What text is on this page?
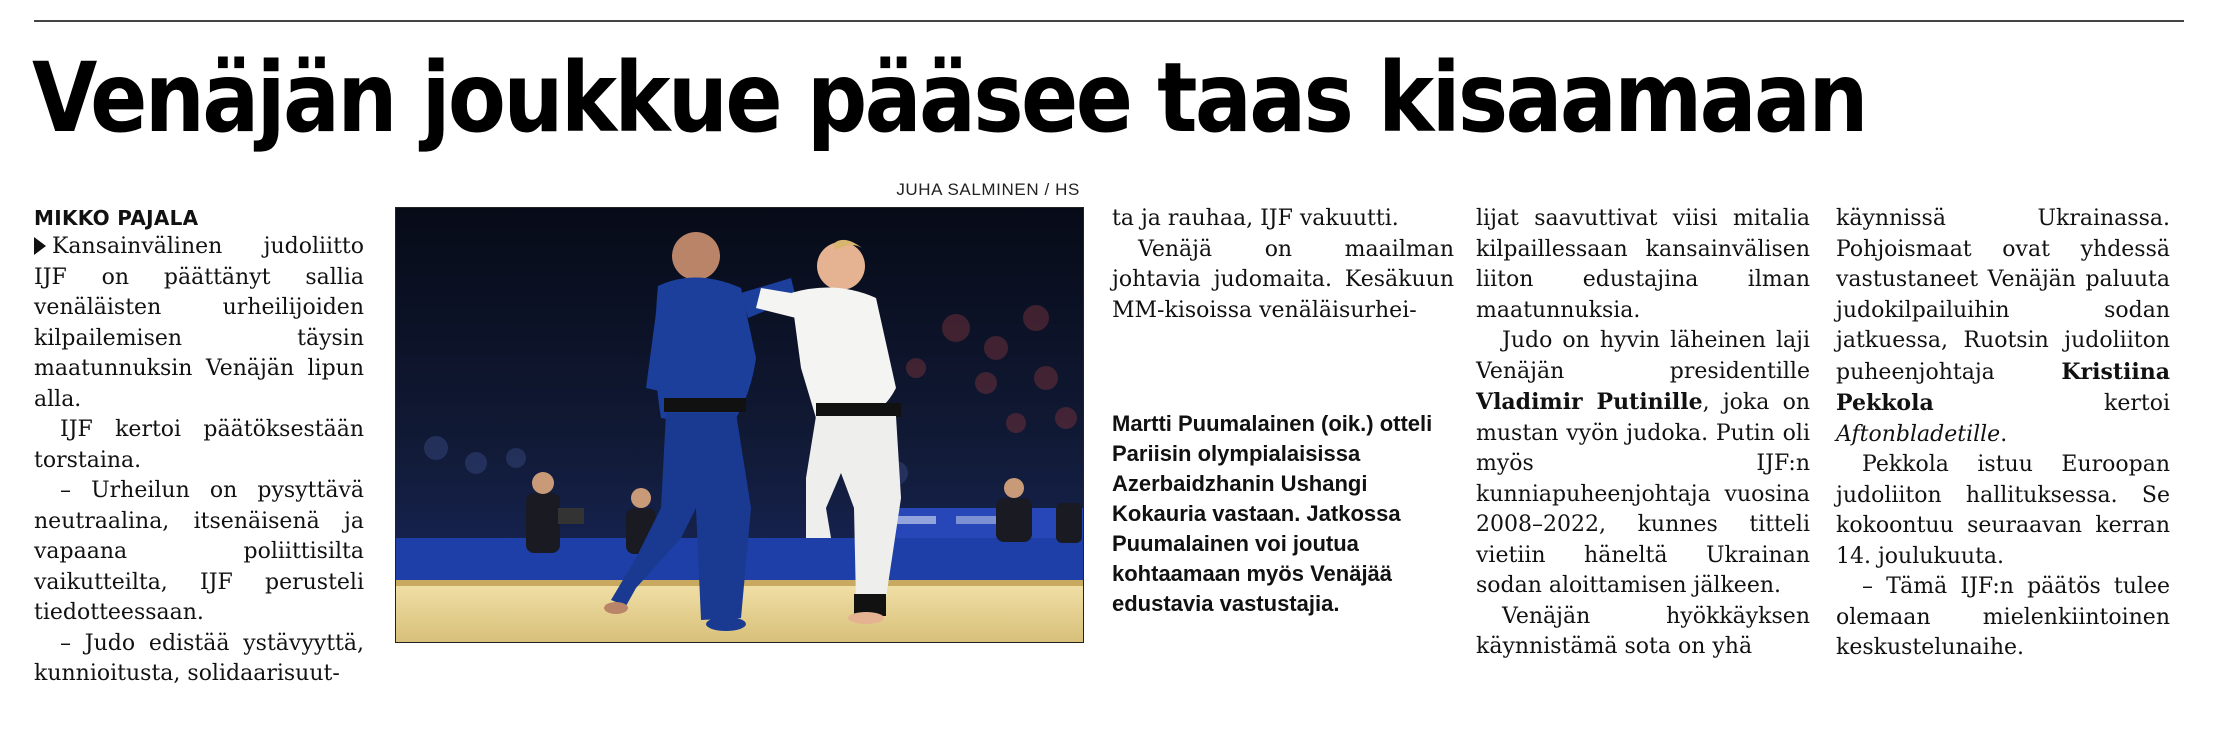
Venäjän joukkue pääsee taas kisaamaan
MIKKO PAJALA

Kansainvälinen judoliitto IJF on päättänyt sallia venäläisten urheilijoiden kilpailemisen täysin maatunnuksin Venäjän lipun alla.

IJF kertoi päätöksestään torstaina.

– Urheilun on pysyttävä neutraalina, itsenäisenä ja vapaana poliittisilta vaikutteilta, IJF perusteli tiedotteessaan.

– Judo edistää ystävyyttä, kunnioitusta, solidaarisuut-

JUHA SALMINEN / HS

ta ja rauhaa, IJF vakuutti.

Venäjä on maailman johtavia judomaita. Kesäkuun MM-kisoissa venäläisurhei-

Martti Puumalainen (oik.) otteli Pariisin olympialaisissa Azerbaidzhanin Ushangi Kokauria vastaan. Jatkossa Puumalainen voi joutua kohtaamaan myös Venäjää edustavia vastustajia.

lijat saavuttivat viisi mitalia kilpaillessaan kansainvälisen liiton edustajina ilman maatunnuksia.

Judo on hyvin läheinen laji Venäjän presidentille Vladimir Putinille, joka on mustan vyön judoka. Putin oli myös IJF:n kunniapuheenjohtaja vuosina 2008–2022, kunnes titteli vietiin häneltä Ukrainan sodan aloittamisen jälkeen.

Venäjän hyökkäyksen käynnistämä sota on yhä

käynnissä Ukrainassa. Pohjoismaat ovat yhdessä vastustaneet Venäjän paluuta judokilpailuihin sodan jatkuessa, Ruotsin judoliiton puheenjohtaja Kristiina Pekkola kertoi Aftonbladetille.

Pekkola istuu Euroopan judoliiton hallituksessa. Se kokoontuu seuraavan kerran 14. joulukuuta.

– Tämä IJF:n päätös tulee olemaan mielenkiintoinen keskustelunaihe.
